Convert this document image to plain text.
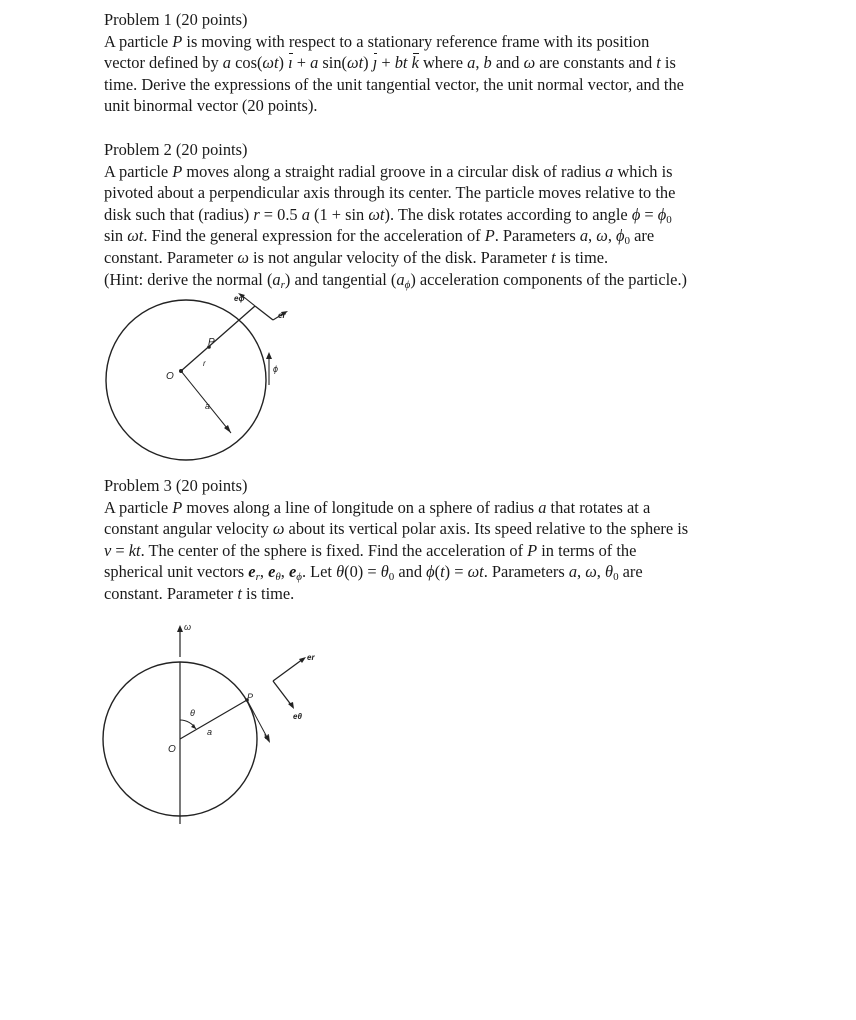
Problem 1 (20 points)
A particle P is moving with respect to a stationary reference frame with its position
vector defined by a cos(ωt) ı + a sin(ωt) ȷ + bt k where a, b and ω are constants and t is
time. Derive the expressions of the unit tangential vector, the unit normal vector, and the
unit binormal vector (20 points).
Problem 2 (20 points)
A particle P moves along a straight radial groove in a circular disk of radius a which is
pivoted about a perpendicular axis through its center. The particle moves relative to the
disk such that (radius) r = 0.5 a (1 + sin ωt). The disk rotates according to angle $\phi = \phi_0$
sin ωt. Find the general expression for the acceleration of P. Parameters a, ω, $\phi_0$ are
constant. Parameter ω is not angular velocity of the disk. Parameter t is time.
(Hint: derive the normal $(a_r)$ and tangential $(a_\phi)$ acceleration components of the particle.)
O
P
r
a
eϕ
er
ϕ
Problem 3 (20 points)
A particle P moves along a line of longitude on a sphere of radius a that rotates at a
constant angular velocity ω about its vertical polar axis. Its speed relative to the sphere is
v = kt. The center of the sphere is fixed. Find the acceleration of P in terms of the
spherical unit vectors $e_r$, $e_\theta$, $e_\phi$. Let $\theta(0) = \theta_0$ and ϕ(t) = ωt. Parameters a, ω, $\theta_0$ are
constant. Parameter t is time.
ω
O
θ
a
P
v
er
eθ
